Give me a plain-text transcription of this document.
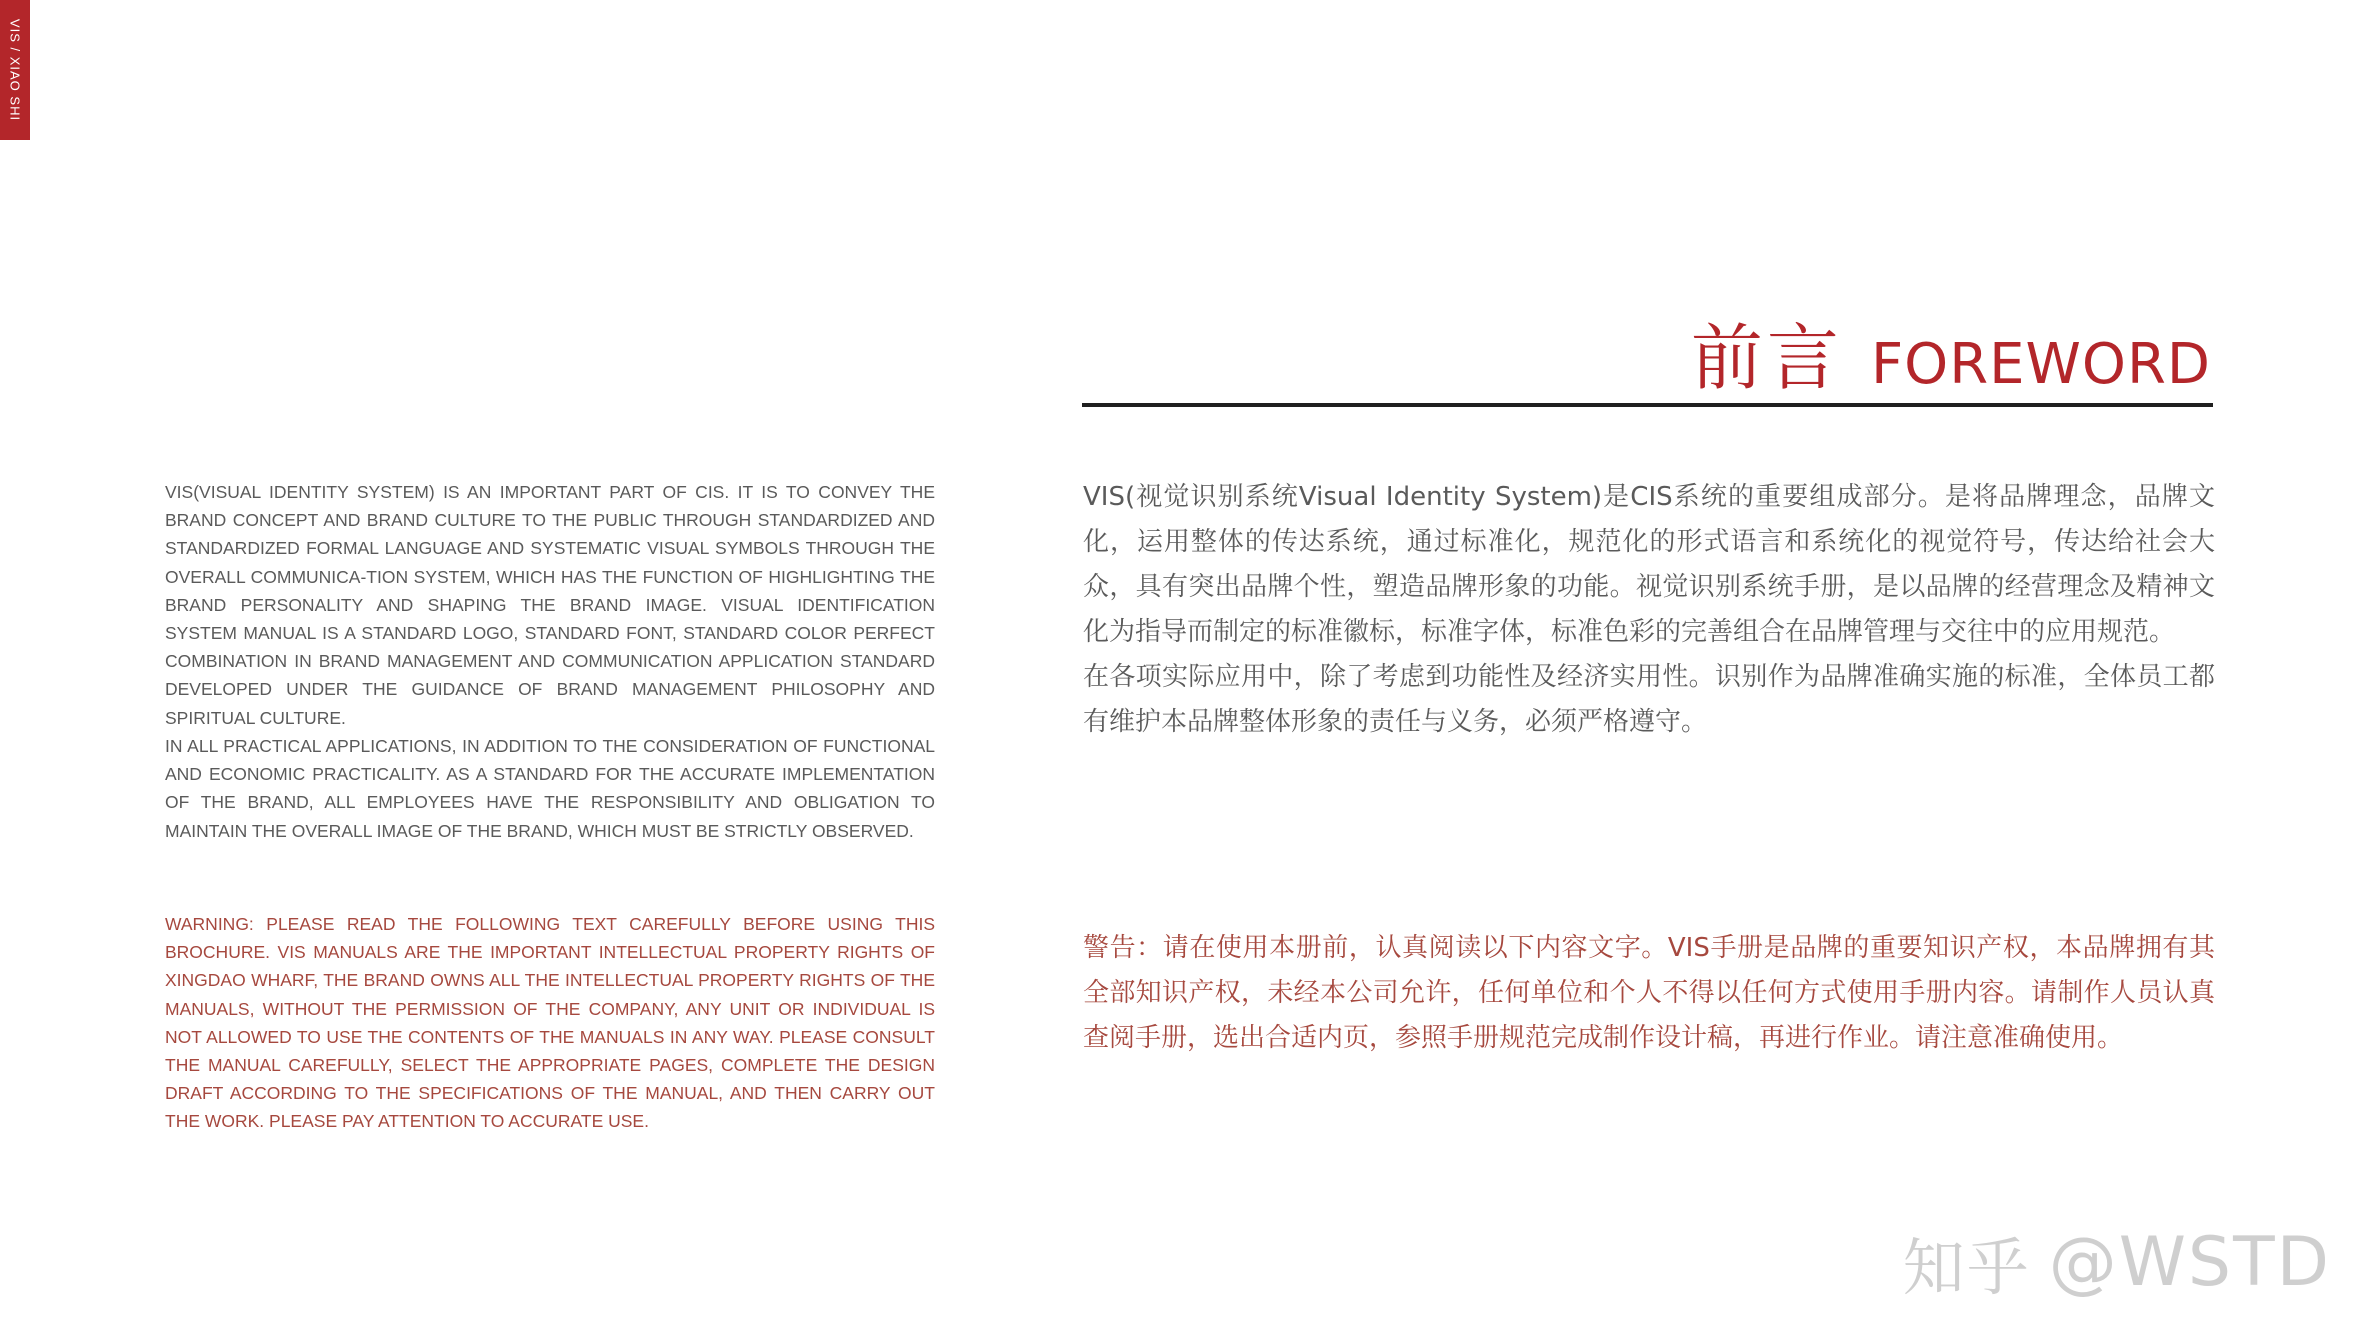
VIS / XIAO SHI
前言 FOREWORD
VIS(VISUAL IDENTITY SYSTEM) IS AN IMPORTANT PART OF CIS. IT IS TO CONVEY THE BRAND CONCEPT AND BRAND CULTURE TO THE PUBLIC THROUGH STANDARDIZED AND STANDARDIZED FORMAL LANGUAGE AND SYSTEMATIC VISUAL SYMBOLS THROUGH THE OVERALL COMMUNICA-TION SYSTEM, WHICH HAS THE FUNCTION OF HIGHLIGHTING THE BRAND PERSONALITY AND SHAPING THE BRAND IMAGE. VISUAL IDENTIFICATION SYSTEM MANUAL IS A STANDARD LOGO, STANDARD FONT, STANDARD COLOR PERFECT COMBINATION IN BRAND MANAGEMENT AND COMMUNICATION APPLICATION STANDARD DEVELOPED UNDER THE GUIDANCE OF BRAND MANAGEMENT PHILOSOPHY AND SPIRITUAL CULTURE.
IN ALL PRACTICAL APPLICATIONS, IN ADDITION TO THE CONSIDERATION OF FUNCTIONAL AND ECONOMIC PRACTICALITY. AS A STANDARD FOR THE ACCURATE IMPLEMENTATION OF THE BRAND, ALL EMPLOYEES HAVE THE RESPONSIBILITY AND OBLIGATION TO MAINTAIN THE OVERALL IMAGE OF THE BRAND, WHICH MUST BE STRICTLY OBSERVED.
WARNING: PLEASE READ THE FOLLOWING TEXT CAREFULLY BEFORE USING THIS BROCHURE. VIS MANUALS ARE THE IMPORTANT INTELLECTUAL PROPERTY RIGHTS OF XINGDAO WHARF, THE BRAND OWNS ALL THE INTELLECTUAL PROPERTY RIGHTS OF THE MANUALS, WITHOUT THE PERMISSION OF THE COMPANY, ANY UNIT OR INDIVIDUAL IS NOT ALLOWED TO USE THE CONTENTS OF THE MANUALS IN ANY WAY. PLEASE CONSULT THE MANUAL CAREFULLY, SELECT THE APPROPRIATE PAGES, COMPLETE THE DESIGN DRAFT ACCORDING TO THE SPECIFICATIONS OF THE MANUAL, AND THEN CARRY OUT THE WORK. PLEASE PAY ATTENTION TO ACCURATE USE.

VIS(视觉识别系统Visual Identity System)是CIS系统的重要组成部分。是将品牌理念，品牌文化，运用整体的传达系统，通过标准化，规范化的形式语言和系统化的视觉符号，传达给社会大众，具有突出品牌个性，塑造品牌形象的功能。视觉识别系统手册，是以品牌的经营理念及精神文化为指导而制定的标准徽标，标准字体，标准色彩的完善组合在品牌管理与交往中的应用规范。

在各项实际应用中，除了考虑到功能性及经济实用性。识别作为品牌准确实施的标准，全体员工都有维护本品牌整体形象的责任与义务，必须严格遵守。

警告：请在使用本册前，认真阅读以下内容文字。VIS手册是品牌的重要知识产权，本品牌拥有其全部知识产权，未经本公司允许，任何单位和个人不得以任何方式使用手册内容。请制作人员认真查阅手册，选出合适内页，参照手册规范完成制作设计稿，再进行作业。请注意准确使用。
知乎 @WSTD
